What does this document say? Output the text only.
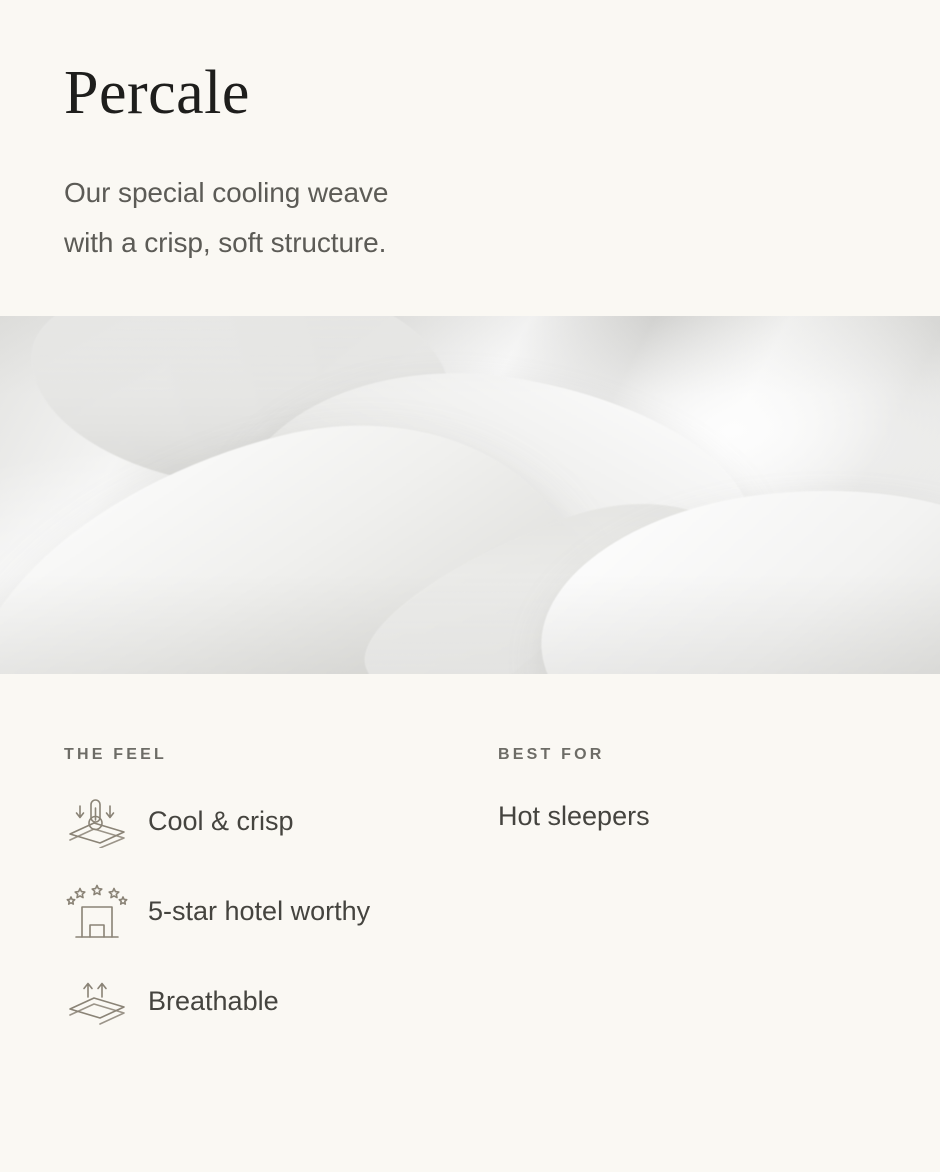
Percale

Our special cooling weave
with a crisp, soft structure.

THE FEEL
Cool & crisp
5-star hotel worthy
Breathable
BEST FOR
Hot sleepers
